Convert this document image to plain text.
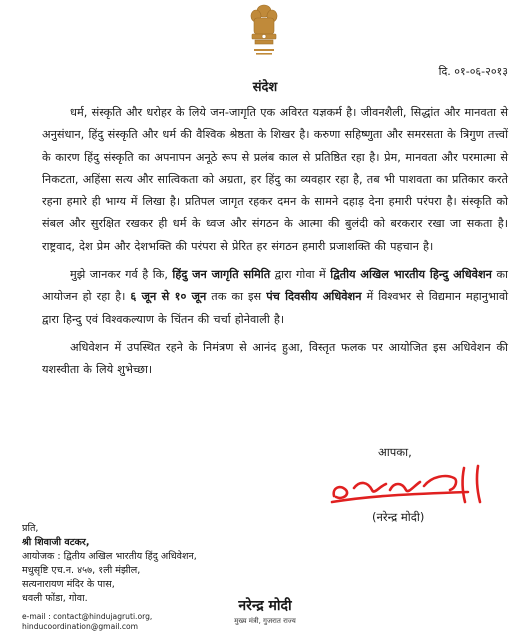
दि. ०१-०६-२०१३
संदेश

धर्म, संस्कृति और धरोहर के लिये जन-जागृति एक अविरत यज्ञकर्म है। जीवनशैली, सिद्धांत और मानवता से अनुसंधान, हिंदु संस्कृति और धर्म की वैश्विक श्रेष्ठता के शिखर है। करुणा सहिष्णुता और समरसता के त्रिगुण तत्त्वों के कारण हिंदु संस्कृति का अपनापन अनूठे रूप से प्रलंब काल से प्रतिष्ठित रहा है। प्रेम, मानवता और परमात्मा से निकटता, अहिंसा सत्य और सात्विकता को अग्रता, हर हिंदु का व्यवहार रहा है, तब भी पाशवता का प्रतिकार करते रहना हमारे ही भाग्य में लिखा है। प्रतिपल जागृत रहकर दमन के सामने दहाड़ देना हमारी परंपरा है। संस्कृति को संबल और सुरक्षित रखकर ही धर्म के ध्वज और संगठन के आत्मा की बुलंदी को बरकरार रखा जा सकता है। राष्ट्रवाद, देश प्रेम और देशभक्ति की परंपरा से प्रेरित हर संगठन हमारी प्रजाशक्ति की पहचान है।

मुझे जानकर गर्व है कि, हिंदु जन जागृति समिति द्वारा गोवा में द्वितीय अखिल भारतीय हिन्दु अधिवेशन का आयोजन हो रहा है। ६ जून से १० जून तक का इस पंच दिवसीय अधिवेशन में विश्वभर से विद्यमान महानुभावो द्वारा हिन्दु एवं विश्वकल्याण के चिंतन की चर्चा होनेवाली है।

अधिवेशन में उपस्थित रहने के निमंत्रण से आनंद हुआ, विस्तृत फलक पर आयोजित इस अधिवेशन की यशस्वीता के लिये शुभेच्छा।

आपका,
(नरेन्द्र मोदी)
प्रति,
श्री शिवाजी वटकर,
आयोजक : द्वितीय अखिल भारतीय हिंदु अधिवेशन,
मधुसृष्टि एच.न. ४५७, १ली मंझील,
सत्यनारायण मंदिर के पास,
धवली फोंडा, गोवा.
e-mail : contact@hindujagruti.org,
hinducoordination@gmail.com
नरेन्द्र मोदी
मुख्य मंत्री, गुजरात राज्य
